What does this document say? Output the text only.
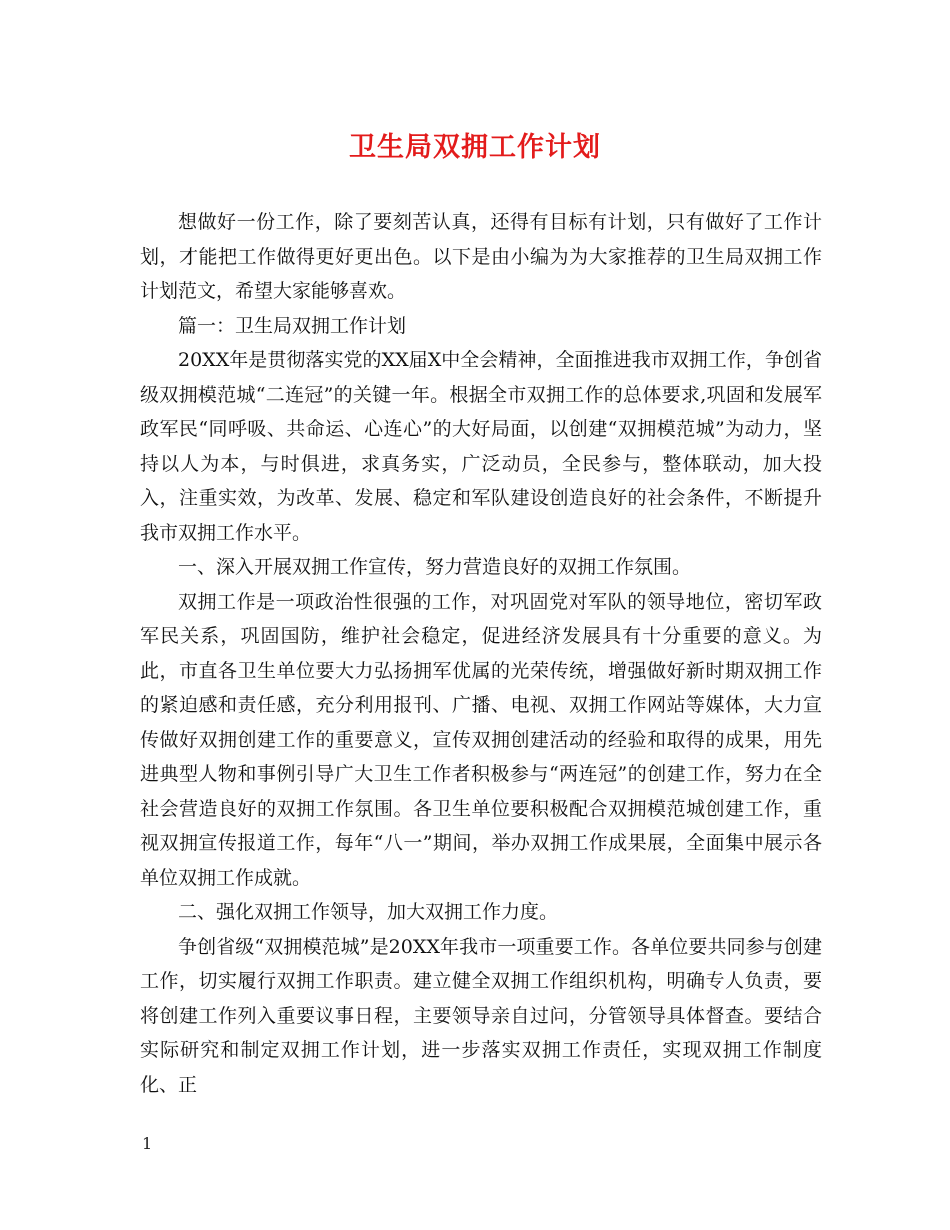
卫生局双拥工作计划

想做好一份工作，除了要刻苦认真，还得有目标有计划，只有做好了工作计划，才能把工作做得更好更出色。以下是由小编为为大家推荐的卫生局双拥工作计划范文，希望大家能够喜欢。

篇一：卫生局双拥工作计划

20XX年是贯彻落实党的XX届X中全会精神，全面推进我市双拥工作，争创省级双拥模范城“二连冠”的关键一年。根据全市双拥工作的总体要求,巩固和发展军政军民“同呼吸、共命运、心连心”的大好局面，以创建“双拥模范城”为动力，坚持以人为本，与时俱进，求真务实，广泛动员，全民参与，整体联动，加大投入，注重实效，为改革、发展、稳定和军队建设创造良好的社会条件，不断提升我市双拥工作水平。

一、深入开展双拥工作宣传，努力营造良好的双拥工作氛围。

双拥工作是一项政治性很强的工作，对巩固党对军队的领导地位，密切军政军民关系，巩固国防，维护社会稳定，促进经济发展具有十分重要的意义。为此，市直各卫生单位要大力弘扬拥军优属的光荣传统，增强做好新时期双拥工作的紧迫感和责任感，充分利用报刊、广播、电视、双拥工作网站等媒体，大力宣传做好双拥创建工作的重要意义，宣传双拥创建活动的经验和取得的成果，用先进典型人物和事例引导广大卫生工作者积极参与“两连冠”的创建工作，努力在全社会营造良好的双拥工作氛围。各卫生单位要积极配合双拥模范城创建工作，重视双拥宣传报道工作，每年“八一”期间，举办双拥工作成果展，全面集中展示各单位双拥工作成就。

二、强化双拥工作领导，加大双拥工作力度。

争创省级“双拥模范城”是20XX年我市一项重要工作。各单位要共同参与创建工作，切实履行双拥工作职责。建立健全双拥工作组织机构，明确专人负责，要将创建工作列入重要议事日程，主要领导亲自过问，分管领导具体督查。要结合实际研究和制定双拥工作计划，进一步落实双拥工作责任，实现双拥工作制度化、正

1
